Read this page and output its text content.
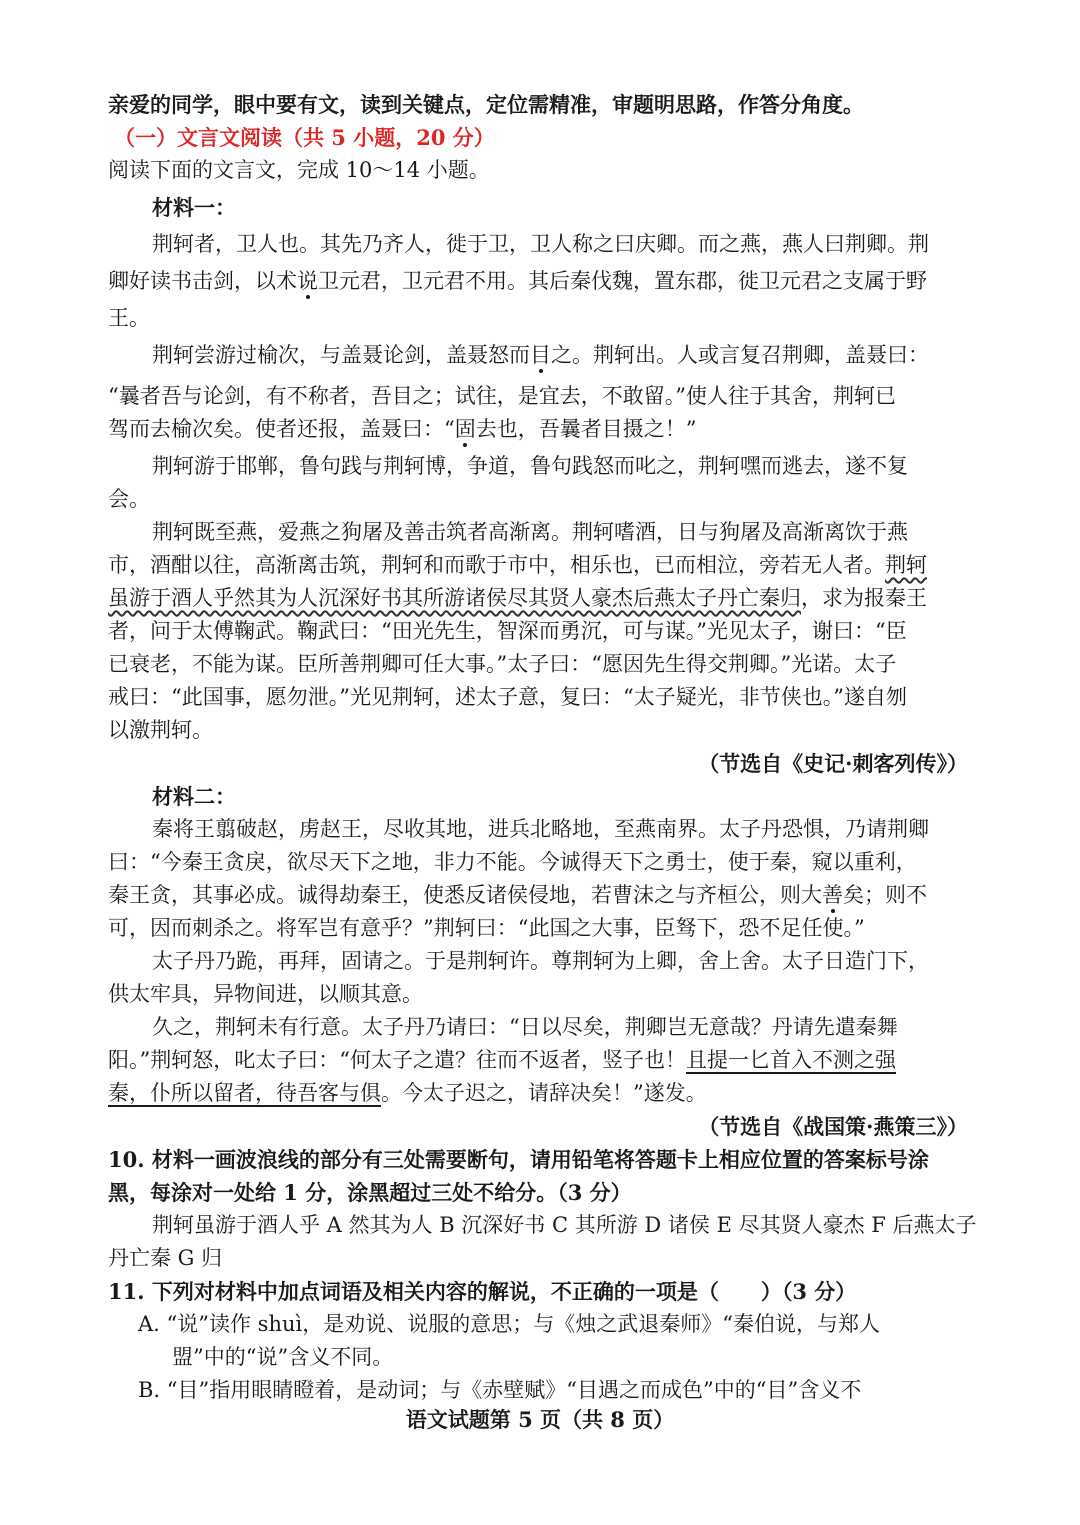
亲爱的同学，眼中要有文，读到关键点，定位需精准，审题明思路，作答分角度。
（一）文言文阅读（共 5 小题，20 分）
阅读下面的文言文，完成 10～14 小题。
材料一：
荆轲者，卫人也。其先乃齐人，徙于卫，卫人称之曰庆卿。而之燕，燕人曰荆卿。荆
卿好读书击剑，以术说卫元君，卫元君不用。其后秦伐魏，置东郡，徙卫元君之支属于野
王。
荆轲尝游过榆次，与盖聂论剑，盖聂怒而目之。荆轲出。人或言复召荆卿，盖聂曰：
“曩者吾与论剑，有不称者，吾目之；试往，是宜去，不敢留。”使人往于其舍，荆轲已
驾而去榆次矣。使者还报，盖聂曰：“固去也，吾曩者目摄之！”
荆轲游于邯郸，鲁句践与荆轲博，争道，鲁句践怒而叱之，荆轲嘿而逃去，遂不复
会。
荆轲既至燕，爱燕之狗屠及善击筑者高渐离。荆轲嗜酒，日与狗屠及高渐离饮于燕
市，酒酣以往，高渐离击筑，荆轲和而歌于市中，相乐也，已而相泣，旁若无人者。荆轲
虽游于酒人乎然其为人沉深好书其所游诸侯尽其贤人豪杰后燕太子丹亡秦归，求为报秦王
者，问于太傅鞠武。鞠武曰：“田光先生，智深而勇沉，可与谋。”光见太子，谢曰：“臣
已衰老，不能为谋。臣所善荆卿可任大事。”太子曰：“愿因先生得交荆卿。”光诺。太子
戒曰：“此国事，愿勿泄。”光见荆轲，述太子意，复曰：“太子疑光，非节侠也。”遂自刎
以激荆轲。
（节选自《史记·刺客列传》）
材料二：
秦将王翦破赵，虏赵王，尽收其地，进兵北略地，至燕南界。太子丹恐惧，乃请荆卿
曰：“今秦王贪戾，欲尽天下之地，非力不能。今诚得天下之勇士，使于秦，窥以重利，
秦王贪，其事必成。诚得劫秦王，使悉反诸侯侵地，若曹沫之与齐桓公，则大善矣；则不
可，因而刺杀之。将军岂有意乎？”荆轲曰：“此国之大事，臣驽下，恐不足任使。”
太子丹乃跪，再拜，固请之。于是荆轲许。尊荆轲为上卿，舍上舍。太子日造门下，
供太牢具，异物间进，以顺其意。
久之，荆轲未有行意。太子丹乃请曰：“日以尽矣，荆卿岂无意哉？丹请先遣秦舞
阳。”荆轲怒，叱太子曰：“何太子之遣？往而不返者，竖子也！且提一匕首入不测之强
秦，仆所以留者，待吾客与俱。今太子迟之，请辞决矣！”遂发。
（节选自《战国策·燕策三》）
10. 材料一画波浪线的部分有三处需要断句，请用铅笔将答题卡上相应位置的答案标号涂
黑，每涂对一处给 1 分，涂黑超过三处不给分。（3 分）
荆轲虽游于酒人乎 A 然其为人 B 沉深好书 C 其所游 D 诸侯 E 尽其贤人豪杰 F 后燕太子
丹亡秦 G 归
11. 下列对材料中加点词语及相关内容的解说，不正确的一项是（　　）（3 分）
A. “说”读作 shuì，是劝说、说服的意思；与《烛之武退秦师》“秦伯说，与郑人
盟”中的“说”含义不同。
B. “目”指用眼睛瞪着，是动词；与《赤壁赋》“目遇之而成色”中的“目”含义不
语文试题第 5 页（共 8 页）
